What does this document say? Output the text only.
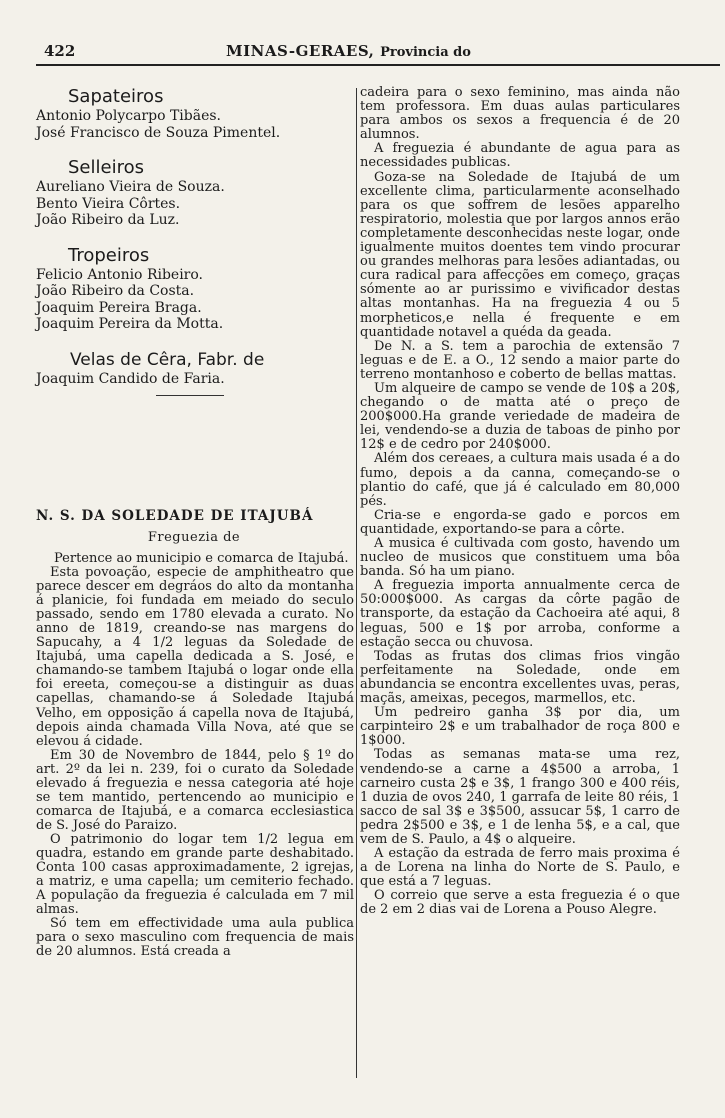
422	MINAS-GERAES, Provincia do
Sapateiros
Antonio Polycarpo Tibães.
José Francisco de Souza Pimentel.
Selleiros
Aureliano Vieira de Souza.
Bento Vieira Côrtes.
João Ribeiro da Luz.
Tropeiros
Felicio Antonio Ribeiro.
João Ribeiro da Costa.
Joaquim Pereira Braga.
Joaquim Pereira da Motta.
Velas de Cêra, Fabr. de
Joaquim Candido de Faria.
N. S. DA SOLEDADE DE ITAJUBÁ
Freguezia de

Pertence ao municipio e comarca de Itajubá.

Esta povoação, especie de amphitheatro que parece descer em degráos do alto da montanha á planicie, foi fundada em meiado do seculo passado, sendo em 1780 elevada a curato. No anno de 1819, creando-se nas margens do Sapucahy, a 4 1/2 leguas da Soledade de Itajubá, uma capella dedicada a S. José, e chamando-se tambem Itajubá o logar onde ella foi ereeta, começou-se a distinguir as duas capellas, chamando-se á Soledade Itajubá Velho, em opposição á capella nova de Itajubá, depois ainda chamada Villa Nova, até que se elevou á cidade.

Em 30 de Novembro de 1844, pelo § 1º do art. 2º da lei n. 239, foi o curato da Soledade elevado á freguezia e nessa categoria até hoje se tem mantido, pertencendo ao municipio e comarca de Itajubá, e a comarca ecclesiastica de S. José do Paraizo.

O patrimonio do logar tem 1/2 legua em quadra, estando em grande parte deshabitado. Conta 100 casas approximadamente, 2 igrejas, a matriz, e uma capella; um cemiterio fechado. A população da freguezia é calculada em 7 mil almas.

Só tem em effectividade uma aula publica para o sexo masculino com frequencia de mais de 20 alumnos. Está creada a

cadeira para o sexo feminino, mas ainda não tem professora. Em duas aulas particulares para ambos os sexos a frequencia é de 20 alumnos.

A freguezia é abundante de agua para as necessidades publicas.

Goza-se na Soledade de Itajubá de um excellente clima, particularmente aconselhado para os que soffrem de lesões apparelho respiratorio, molestia que por largos annos erão completamente desconhecidas neste logar, onde igualmente muitos doentes tem vindo procurar ou grandes melhoras para lesões adiantadas, ou cura radical para affecções em começo, graças sómente ao ar purissimo e vivificador destas altas montanhas. Ha na freguezia 4 ou 5 morpheticos,e nella é frequente e em quantidade notavel a quéda da geada.

De N. a S. tem a parochia de extensão 7 leguas e de E. a O., 12 sendo a maior parte do terreno montanhoso e coberto de bellas mattas.

Um alqueire de campo se vende de 10$ a 20$, chegando o de matta até o preço de 200$000.Ha grande veriedade de madeira de lei, vendendo-se a duzia de taboas de pinho por 12$ e de cedro por 240$000.

Além dos cereaes, a cultura mais usada é a do fumo, depois a da canna, começando-se o plantio do café, que já é calculado em 80,000 pés.

Cria-se e engorda-se gado e porcos em quantidade, exportando-se para a côrte.

A musica é cultivada com gosto, havendo um nucleo de musicos que constituem uma bôa banda. Só ha um piano.

A freguezia importa annualmente cerca de 50:000$000. As cargas da côrte pagão de transporte, da estação da Cachoeira até aqui, 8 leguas, 500 e 1$ por arroba, conforme a estação secca ou chuvosa.

Todas as frutas dos climas frios vingão perfeitamente na Soledade, onde em abundancia se encontra excellentes uvas, peras, maçãs, ameixas, pecegos, marmellos, etc.

Um pedreiro ganha 3$ por dia, um carpinteiro 2$ e um trabalhador de roça 800 e 1$000.

Todas as semanas mata-se uma rez, vendendo-se a carne a 4$500 a arroba, 1 carneiro custa 2$ e 3$, 1 frango 300 e 400 réis, 1 duzia de ovos 240, 1 garrafa de leite 80 réis, 1 sacco de sal 3$ e 3$500, assucar 5$, 1 carro de pedra 2$500 e 3$, e 1 de lenha 5$, e a cal, que vem de S. Paulo, a 4$ o alqueire.

A estação da estrada de ferro mais proxima é a de Lorena na linha do Norte de S. Paulo, e que está a 7 leguas.

O correio que serve a esta freguezia é o que de 2 em 2 dias vai de Lorena a Pouso Alegre.
